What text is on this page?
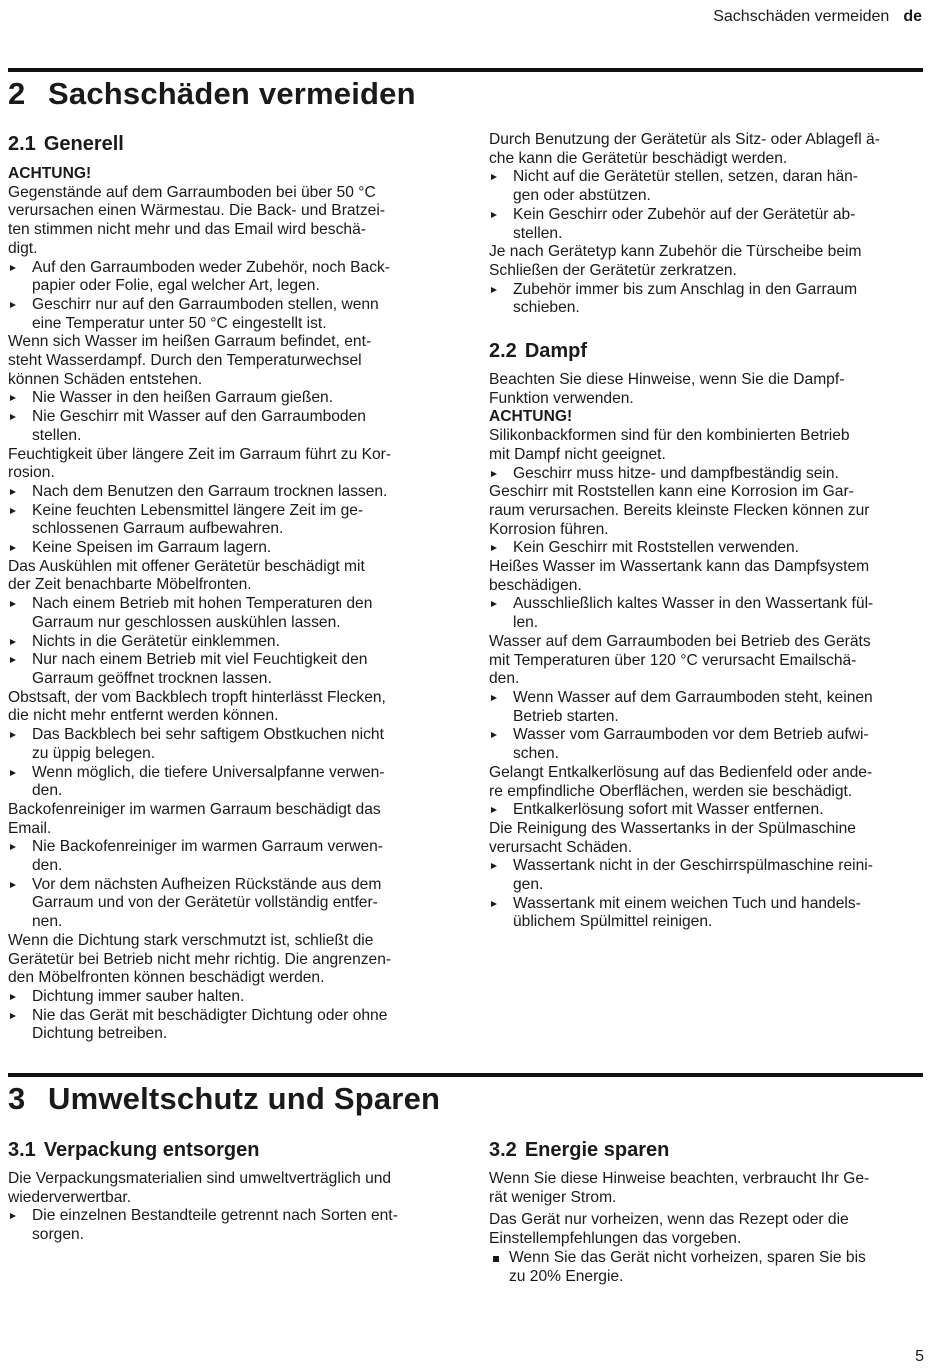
Sachschäden vermeiden de
2 Sachschäden vermeiden
2.1 Generell
ACHTUNG!
Gegenstände auf dem Garraumboden bei über 50 °C
verursachen einen Wärmestau. Die Back- und Bratzei-
ten stimmen nicht mehr und das Email wird beschä-
digt.
Auf den Garraumboden weder Zubehör, noch Back-
papier oder Folie, egal welcher Art, legen.
Geschirr nur auf den Garraumboden stellen, wenn
eine Temperatur unter 50 °C eingestellt ist.
Wenn sich Wasser im heißen Garraum befindet, ent-
steht Wasserdampf. Durch den Temperaturwechsel
können Schäden entstehen.
Nie Wasser in den heißen Garraum gießen.
Nie Geschirr mit Wasser auf den Garraumboden
stellen.
Feuchtigkeit über längere Zeit im Garraum führt zu Kor-
rosion.
Nach dem Benutzen den Garraum trocknen lassen.
Keine feuchten Lebensmittel längere Zeit im ge-
schlossenen Garraum aufbewahren.
Keine Speisen im Garraum lagern.
Das Auskühlen mit offener Gerätetür beschädigt mit
der Zeit benachbarte Möbelfronten.
Nach einem Betrieb mit hohen Temperaturen den
Garraum nur geschlossen auskühlen lassen.
Nichts in die Gerätetür einklemmen.
Nur nach einem Betrieb mit viel Feuchtigkeit den
Garraum geöffnet trocknen lassen.
Obstsaft, der vom Backblech tropft hinterlässt Flecken,
die nicht mehr entfernt werden können.
Das Backblech bei sehr saftigem Obstkuchen nicht
zu üppig belegen.
Wenn möglich, die tiefere Universalpfanne verwen-
den.
Backofenreiniger im warmen Garraum beschädigt das
Email.
Nie Backofenreiniger im warmen Garraum verwen-
den.
Vor dem nächsten Aufheizen Rückstände aus dem
Garraum und von der Gerätetür vollständig entfer-
nen.
Wenn die Dichtung stark verschmutzt ist, schließt die
Gerätetür bei Betrieb nicht mehr richtig. Die angrenzen-
den Möbelfronten können beschädigt werden.
Dichtung immer sauber halten.
Nie das Gerät mit beschädigter Dichtung oder ohne
Dichtung betreiben.
Durch Benutzung der Gerätetür als Sitz- oder Ablagefl ä-
che kann die Gerätetür beschädigt werden.
Nicht auf die Gerätetür stellen, setzen, daran hän-
gen oder abstützen.
Kein Geschirr oder Zubehör auf der Gerätetür ab-
stellen.
Je nach Gerätetyp kann Zubehör die Türscheibe beim
Schließen der Gerätetür zerkratzen.
Zubehör immer bis zum Anschlag in den Garraum
schieben.
2.2 Dampf
Beachten Sie diese Hinweise, wenn Sie die Dampf-
Funktion verwenden.
ACHTUNG!
Silikonbackformen sind für den kombinierten Betrieb
mit Dampf nicht geeignet.
Geschirr muss hitze- und dampfbeständig sein.
Geschirr mit Roststellen kann eine Korrosion im Gar-
raum verursachen. Bereits kleinste Flecken können zur
Korrosion führen.
Kein Geschirr mit Roststellen verwenden.
Heißes Wasser im Wassertank kann das Dampfsystem
beschädigen.
Ausschließlich kaltes Wasser in den Wassertank fül-
len.
Wasser auf dem Garraumboden bei Betrieb des Geräts
mit Temperaturen über 120 °C verursacht Emailschä-
den.
Wenn Wasser auf dem Garraumboden steht, keinen
Betrieb starten.
Wasser vom Garraumboden vor dem Betrieb aufwi-
schen.
Gelangt Entkalkerlösung auf das Bedienfeld oder ande-
re empfindliche Oberflächen, werden sie beschädigt.
Entkalkerlösung sofort mit Wasser entfernen.
Die Reinigung des Wassertanks in der Spülmaschine
verursacht Schäden.
Wassertank nicht in der Geschirrspülmaschine reini-
gen.
Wassertank mit einem weichen Tuch und handels-
üblichem Spülmittel reinigen.
3 Umweltschutz und Sparen
3.1 Verpackung entsorgen
Die Verpackungsmaterialien sind umweltverträglich und
wiederverwertbar.
Die einzelnen Bestandteile getrennt nach Sorten ent-
sorgen.
3.2 Energie sparen
Wenn Sie diese Hinweise beachten, verbraucht Ihr Ge-
rät weniger Strom.
Das Gerät nur vorheizen, wenn das Rezept oder die
Einstellempfehlungen das vorgeben.
Wenn Sie das Gerät nicht vorheizen, sparen Sie bis
zu 20% Energie.
5
